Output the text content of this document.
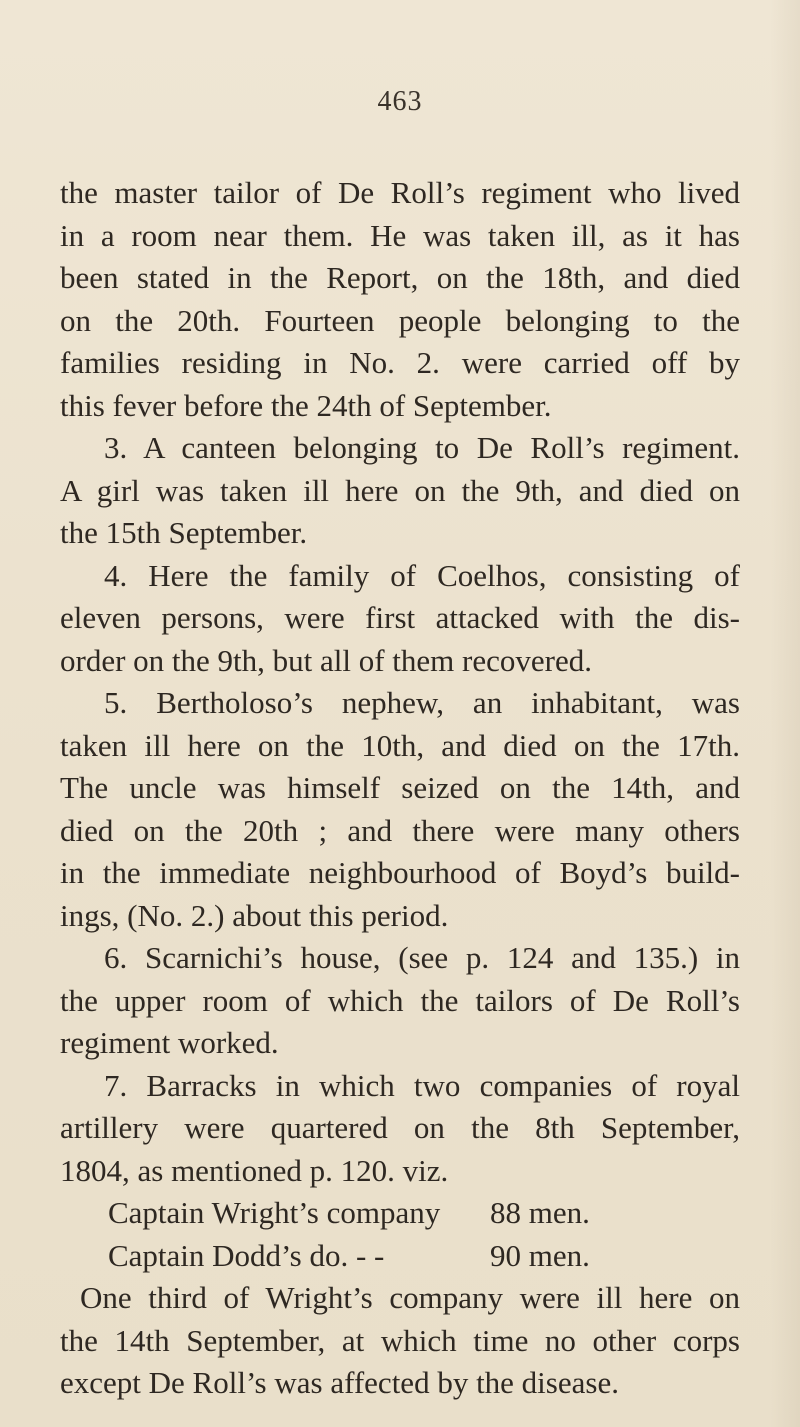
463
the master tailor of De Roll’s regiment who lived
in a room near them. He was taken ill, as it has
been stated in the Report, on the 18th, and died
on the 20th. Fourteen people belonging to the
families residing in No. 2. were carried off by
this fever before the 24th of September.
3. A canteen belonging to De Roll’s regiment.
A girl was taken ill here on the 9th, and died on
the 15th September.
4. Here the family of Coelhos, consisting of
eleven persons, were first attacked with the dis-
order on the 9th, but all of them recovered.
5. Bertholoso’s nephew, an inhabitant, was
taken ill here on the 10th, and died on the 17th.
The uncle was himself seized on the 14th, and
died on the 20th ; and there were many others
in the immediate neighbourhood of Boyd’s build-
ings, (No. 2.) about this period.
6. Scarnichi’s house, (see p. 124 and 135.) in
the upper room of which the tailors of De Roll’s
regiment worked.
7. Barracks in which two companies of royal
artillery were quartered on the 8th September,
1804, as mentioned p. 120. viz.
Captain Wright’s company	88 men.
Captain Dodd’s do. - -	90 men.
One third of Wright’s company were ill here on
the 14th September, at which time no other corps
except De Roll’s was affected by the disease.
